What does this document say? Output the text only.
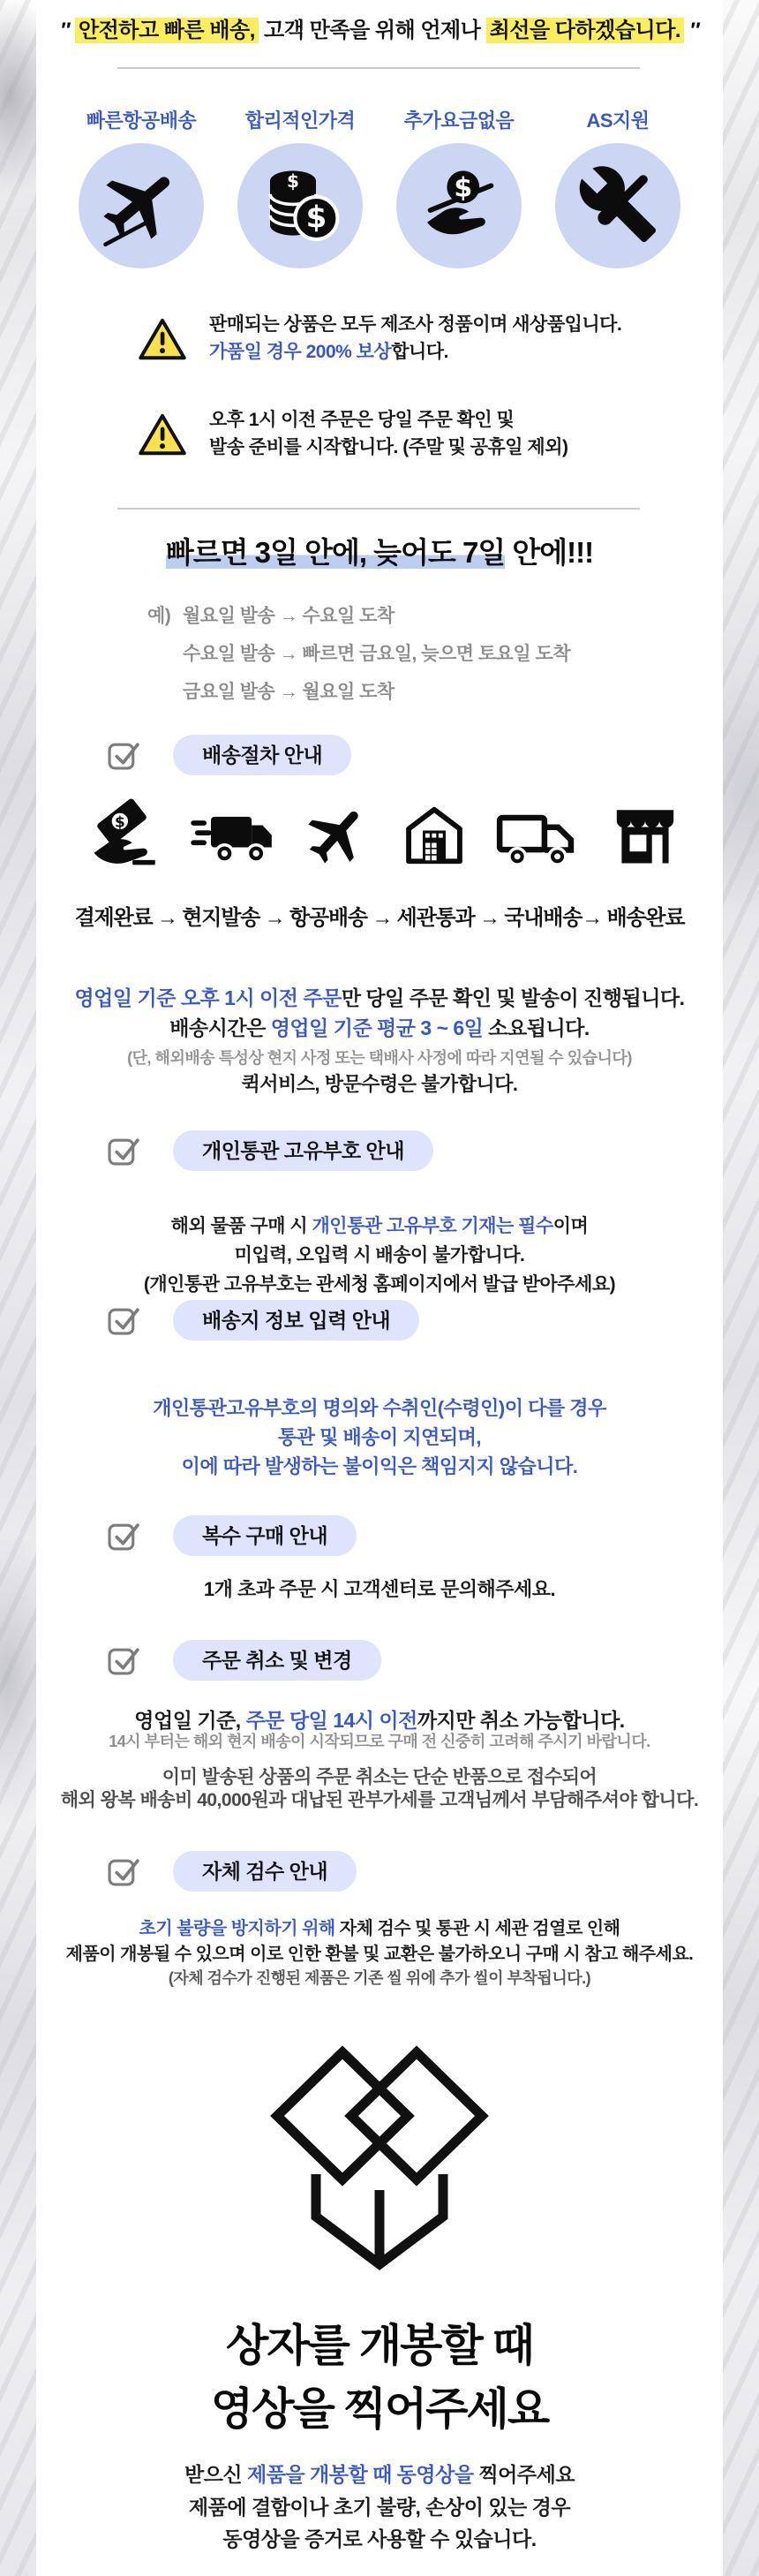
″ 안전하고 빠른 배송, 고객 만족을 위해 언제나 최선을 다하겠습니다. ″
빠른항공배송	합리적인가격
$
$
추가요금없음
$
AS지원
판매되는 상품은 모두 제조사 정품이며 새상품입니다.
가품일 경우 200% 보상합니다.
오후 1시 이전 주문은 당일 주문 확인 및
발송 준비를 시작합니다. (주말 및 공휴일 제외)
빠르면 3일 안에, 늦어도 7일 안에!!!
예) 월요일 발송 → 수요일 도착
수요일 발송 → 빠르면 금요일, 늦으면 토요일 도착
금요일 발송 → 월요일 도착
배송절차 안내
$
결제완료 → 현지발송 → 항공배송 → 세관통과 → 국내배송→ 배송완료
영업일 기준 오후 1시 이전 주문만 당일 주문 확인 및 발송이 진행됩니다.
배송시간은 영업일 기준 평균 3 ~ 6일 소요됩니다.
(단, 해외배송 특성상 현지 사정 또는 택배사 사정에 따라 지연될 수 있습니다)
퀵서비스, 방문수령은 불가합니다.
개인통관 고유부호 안내
해외 물품 구매 시 개인통관 고유부호 기재는 필수이며
미입력, 오입력 시 배송이 불가합니다.
(개인통관 고유부호는 관세청 홈페이지에서 발급 받아주세요)
배송지 정보 입력 안내
개인통관고유부호의 명의와 수취인(수령인)이 다를 경우
통관 및 배송이 지연되며,
이에 따라 발생하는 불이익은 책임지지 않습니다.
복수 구매 안내
1개 초과 주문 시 고객센터로 문의해주세요.
주문 취소 및 변경
영업일 기준, 주문 당일 14시 이전까지만 취소 가능합니다.
14시 부터는 해외 현지 배송이 시작되므로 구매 전 신중히 고려해 주시기 바랍니다.
이미 발송된 상품의 주문 취소는 단순 반품으로 접수되어
해외 왕복 배송비 40,000원과 대납된 관부가세를 고객님께서 부담해주셔야 합니다.
자체 검수 안내
초기 불량을 방지하기 위해 자체 검수 및 통관 시 세관 검열로 인해
제품이 개봉될 수 있으며 이로 인한 환불 및 교환은 불가하오니 구매 시 참고 해주세요.
(자체 검수가 진행된 제품은 기존 씰 위에 추가 씰이 부착됩니다.)
상자를 개봉할 때
영상을 찍어주세요
받으신 제품을 개봉할 때 동영상을 찍어주세요
제품에 결함이나 초기 불량, 손상이 있는 경우
동영상을 증거로 사용할 수 있습니다.
